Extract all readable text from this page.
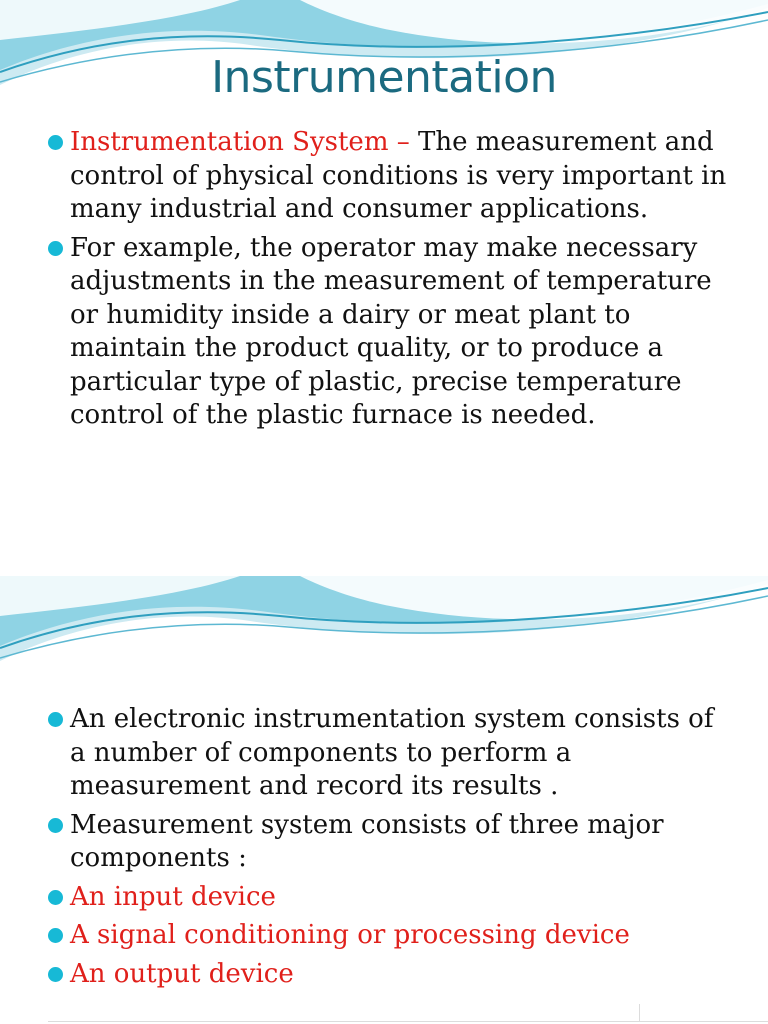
Instrumentation
Instrumentation System – The measurement and control of physical conditions is very important in many industrial and consumer applications.
For example, the operator may make necessary adjustments in the measurement of temperature or humidity inside a dairy or meat plant to maintain the product quality, or to produce a particular type of plastic, precise temperature control of the plastic furnace is needed.
An electronic instrumentation system consists of a number of components to perform a measurement and record its results .
Measurement system consists of three major components :
An input device
A signal conditioning or processing device
An output device
